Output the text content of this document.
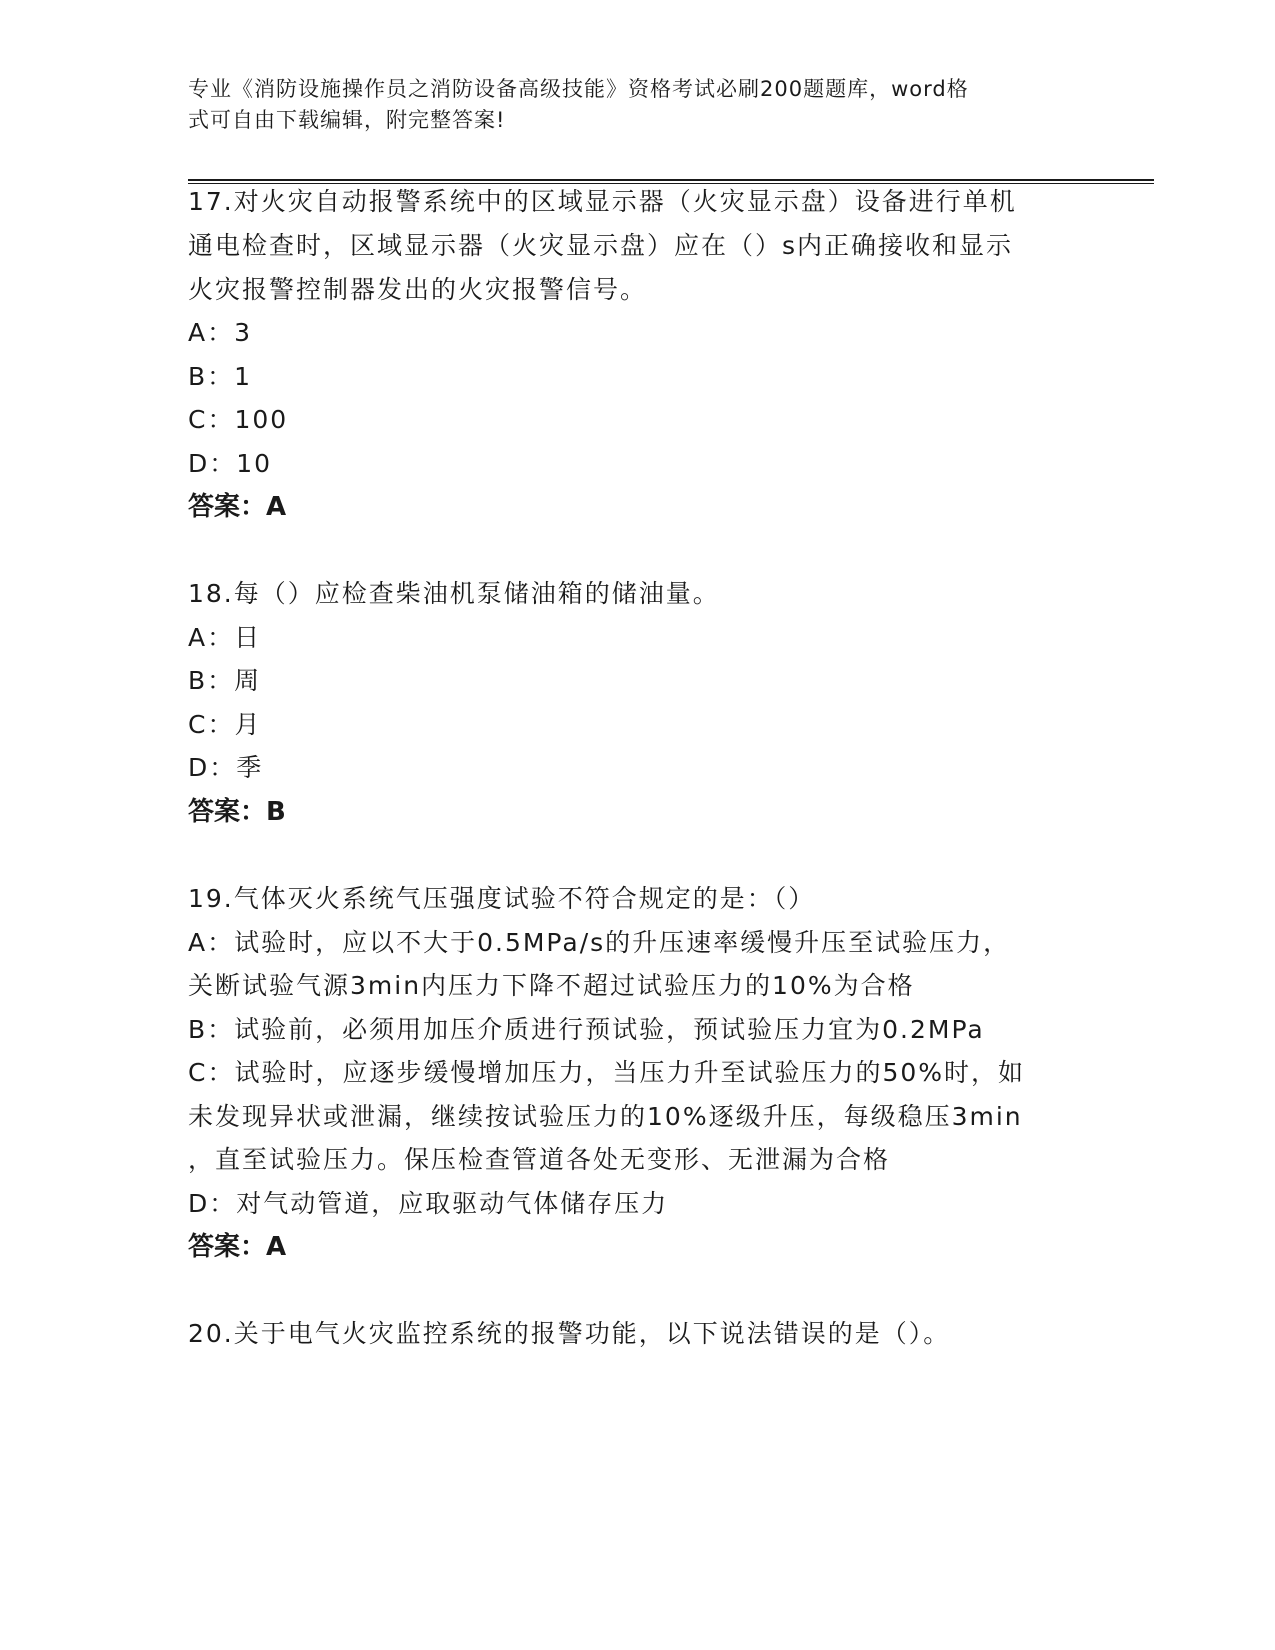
专业《消防设施操作员之消防设备高级技能》资格考试必刷200题题库，word格
式可自由下载编辑，附完整答案!
17.对火灾自动报警系统中的区域显示器（火灾显示盘）设备进行单机
通电检查时，区域显示器（火灾显示盘）应在（）s内正确接收和显示
火灾报警控制器发出的火灾报警信号。
A：3
B：1
C：100
D：10
答案：A
18.每（）应检查柴油机泵储油箱的储油量。
A：日
B：周
C：月
D：季
答案：B
19.气体灭火系统气压强度试验不符合规定的是：（）
A：试验时，应以不大于0.5MPa/s的升压速率缓慢升压至试验压力，
关断试验气源3min内压力下降不超过试验压力的10%为合格
B：试验前，必须用加压介质进行预试验，预试验压力宜为0.2MPa
C：试验时，应逐步缓慢增加压力，当压力升至试验压力的50%时，如
未发现异状或泄漏，继续按试验压力的10%逐级升压，每级稳压3min
，直至试验压力。保压检查管道各处无变形、无泄漏为合格
D：对气动管道，应取驱动气体储存压力
答案：A
20.关于电气火灾监控系统的报警功能，以下说法错误的是（）。
